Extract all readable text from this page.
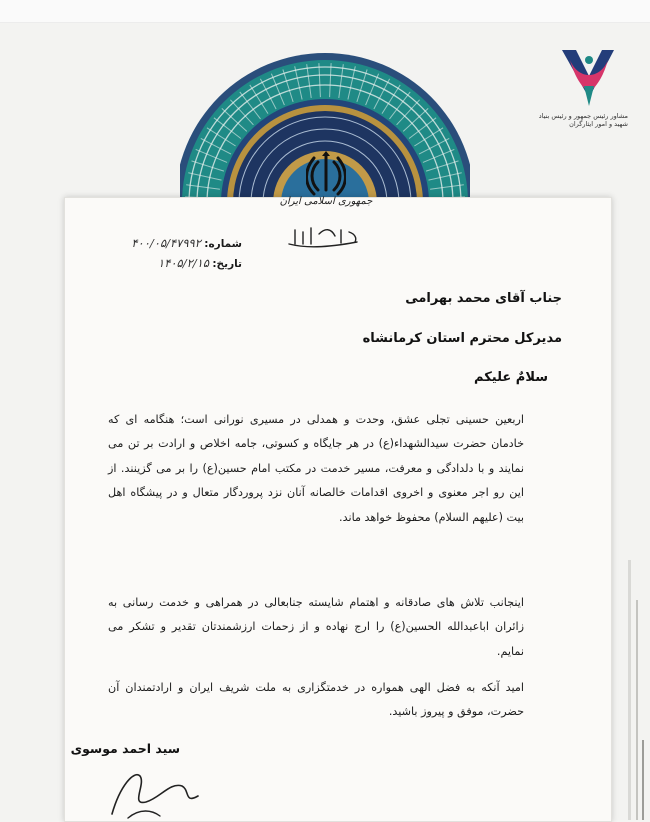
مشاور رئیس جمهور و رئیس بنیاد شهید و امور ایثارگران
جمهوری اسلامی ایران
شماره: ۴۰۰/۰۵/۴۷۹۹۲
تاریخ: ۱۴۰۵/۲/۱۵
جناب آقای محمد بهرامی
مدیرکل محترم استان کرمانشاه
سلامٌ علیکم
اربعین حسینی تجلی عشق، وحدت و همدلی در مسیری نورانی است؛ هنگامه ای که خادمان حضرت سیدالشهداء(ع) در هر جایگاه و کسوتی، جامه اخلاص و ارادت بر تن می نمایند و با دلدادگی و معرفت، مسیر خدمت در مکتب امام حسین(ع) را بر می گزینند. از این رو اجر معنوی و اخروی اقدامات خالصانه آنان نزد پروردگار متعال و در پیشگاه اهل بیت (علیهم السلام) محفوظ خواهد ماند.
اینجانب تلاش های صادقانه و اهتمام شایسته جنابعالی در همراهی و خدمت رسانی به زائران اباعبدالله الحسین(ع) را ارج نهاده و از زحمات ارزشمندتان تقدیر و تشکر می نمایم.
امید آنکه به فضل الهی همواره در خدمتگزاری به ملت شریف ایران و ارادتمندان آن حضرت، موفق و پیروز باشید.
سید احمد موسوی
